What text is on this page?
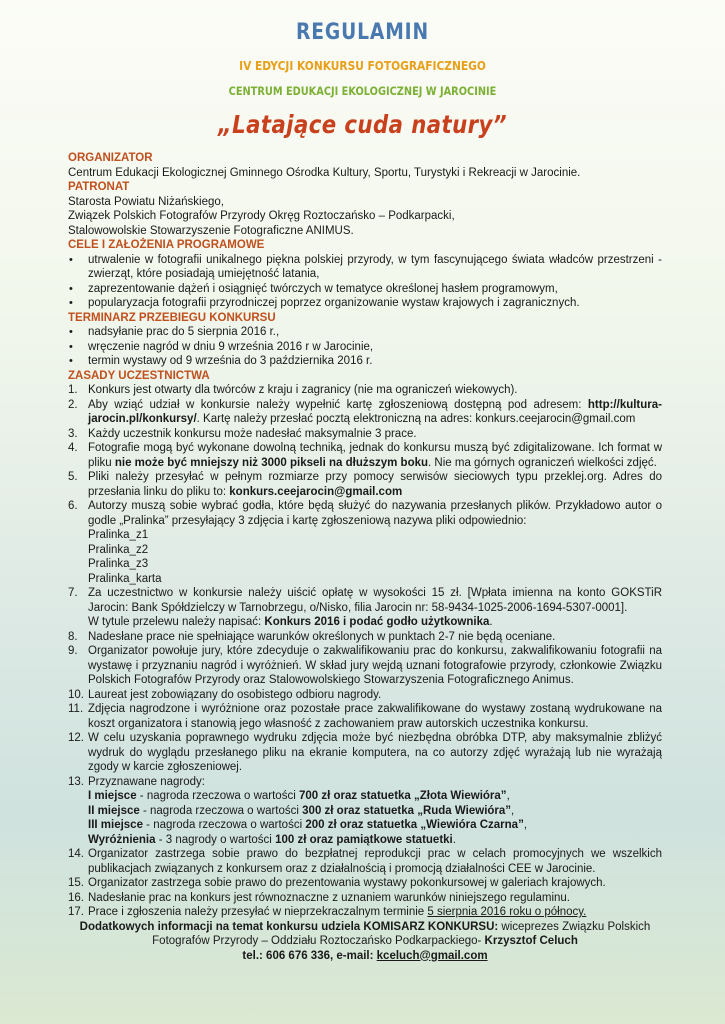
REGULAMIN
IV EDYCJI KONKURSU FOTOGRAFICZNEGO
CENTRUM EDUKACJI EKOLOGICZNEJ W JAROCINIE
„Latające cuda natury”
ORGANIZATOR
Centrum Edukacji Ekologicznej Gminnego Ośrodka Kultury, Sportu, Turystyki i Rekreacji w Jarocinie.
PATRONAT
Starosta Powiatu Niżańskiego,
Związek Polskich Fotografów Przyrody Okręg Roztoczańsko – Podkarpacki,
Stalowowolskie Stowarzyszenie Fotograficzne ANIMUS.
CELE I ZAŁOŻENIA PROGRAMOWE
• utrwalenie w fotografii unikalnego piękna polskiej przyrody, w tym fascynującego świata władców przestrzeni - zwierząt, które posiadają umiejętność latania,
• zaprezentowanie dążeń i osiągnięć twórczych w tematyce określonej hasłem programowym,
• popularyzacja fotografii przyrodniczej poprzez organizowanie wystaw krajowych i zagranicznych.
TERMINARZ PRZEBIEGU KONKURSU
• nadsyłanie prac do 5 sierpnia 2016 r.,
• wręczenie nagród w dniu 9 września 2016 r w Jarocinie,
• termin wystawy od 9 września do 3 października 2016 r.
ZASADY UCZESTNICTWA
1. Konkurs jest otwarty dla twórców z kraju i zagranicy (nie ma ograniczeń wiekowych).
2. Aby wziąć udział w konkursie należy wypełnić kartę zgłoszeniową dostępną pod adresem: http://kultura-jarocin.pl/konkursy/. Kartę należy przesłać pocztą elektroniczną na adres: konkurs.ceejarocin@gmail.com
3. Każdy uczestnik konkursu może nadesłać maksymalnie 3 prace.
4. Fotografie mogą być wykonane dowolną techniką, jednak do konkursu muszą być zdigitalizowane. Ich format w pliku nie może być mniejszy niż 3000 pikseli na dłuższym boku. Nie ma górnych ograniczeń wielkości zdjęć.
5. Pliki należy przesyłać w pełnym rozmiarze przy pomocy serwisów sieciowych typu przeklej.org. Adres do przesłania linku do pliku to: konkurs.ceejarocin@gmail.com
6. Autorzy muszą sobie wybrać godła, które będą służyć do nazywania przesłanych plików. Przykładowo autor o godle „Pralinka” przesyłający 3 zdjęcia i kartę zgłoszeniową nazywa pliki odpowiednio:
Pralinka_z1
Pralinka_z2
Pralinka_z3
Pralinka_karta
7. Za uczestnictwo w konkursie należy uiścić opłatę w wysokości 15 zł. [Wpłata imienna na konto GOKSTiR Jarocin: Bank Spółdzielczy w Tarnobrzegu, o/Nisko, filia Jarocin nr: 58-9434-1025-2006-1694-5307-0001].
W tytule przelewu należy napisać: Konkurs 2016 i podać godło użytkownika.
8. Nadesłane prace nie spełniające warunków określonych w punktach 2-7 nie będą oceniane.
9. Organizator powołuje jury, które zdecyduje o zakwalifikowaniu prac do konkursu, zakwalifikowaniu fotografii na wystawę i przyznaniu nagród i wyróżnień. W skład jury wejdą uznani fotografowie przyrody, członkowie Związku Polskich Fotografów Przyrody oraz Stalowowolskiego Stowarzyszenia Fotograficznego Animus.
10. Laureat jest zobowiązany do osobistego odbioru nagrody.
11. Zdjęcia nagrodzone i wyróżnione oraz pozostałe prace zakwalifikowane do wystawy zostaną wydrukowane na koszt organizatora i stanowią jego własność z zachowaniem praw autorskich uczestnika konkursu.
12. W celu uzyskania poprawnego wydruku zdjęcia może być niezbędna obróbka DTP, aby maksymalnie zbliżyć wydruk do wyglądu przesłanego pliku na ekranie komputera, na co autorzy zdjęć wyrażają lub nie wyrażają zgody w karcie zgłoszeniowej.
13. Przyznawane nagrody:
I miejsce - nagroda rzeczowa o wartości 700 zł oraz statuetka „Złota Wiewióra”,
II miejsce - nagroda rzeczowa o wartości 300 zł oraz statuetka „Ruda Wiewióra”,
III miejsce - nagroda rzeczowa o wartości 200 zł oraz statuetka „Wiewióra Czarna”,
Wyróżnienia - 3 nagrody o wartości 100 zł oraz pamiątkowe statuetki.
14. Organizator zastrzega sobie prawo do bezpłatnej reprodukcji prac w celach promocyjnych we wszelkich publikacjach związanych z konkursem oraz z działalnością i promocją działalności CEE w Jarocinie.
15. Organizator zastrzega sobie prawo do prezentowania wystawy pokonkursowej w galeriach krajowych.
16. Nadesłanie prac na konkurs jest równoznaczne z uznaniem warunków niniejszego regulaminu.
17. Prace i zgłoszenia należy przesyłać w nieprzekraczalnym terminie 5 sierpnia 2016 roku o północy.
Dodatkowych informacji na temat konkursu udziela KOMISARZ KONKURSU: wiceprezes Związku Polskich
Fotografów Przyrody – Oddziału Roztoczańsko Podkarpackiego- Krzysztof Celuch
tel.: 606 676 336, e-mail: kceluch@gmail.com
